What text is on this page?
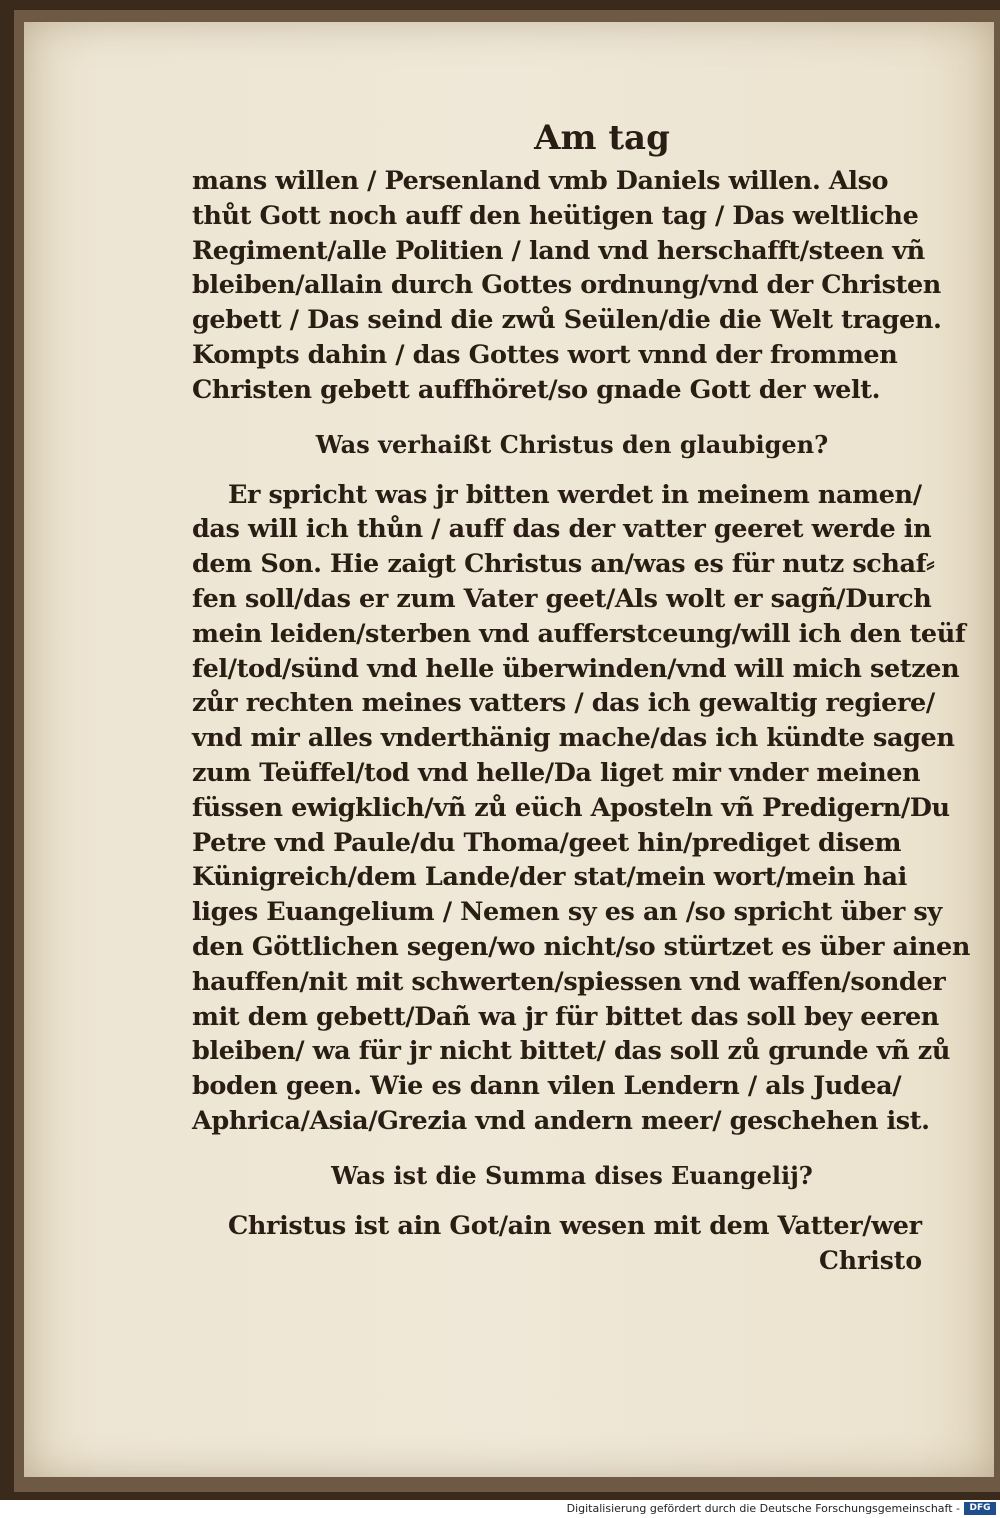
Am tag
mans willen / Persenland vmb Daniels willen. Also
thůt Gott noch auff den heütigen tag / Das weltliche
Regiment/alle Politien / land vnd herschafft/steen vñ
bleiben/allain durch Gottes ordnung/vnd der Christen
gebett / Das seind die zwů Seülen/die die Welt tragen.
Kompts dahin / das Gottes wort vnnd der frommen
Christen gebett auffhöret/so gnade Gott der welt.
Was verhaißt Christus den glaubigen?
Er spricht was jr bitten werdet in meinem namen/
das will ich thůn / auff das der vatter geeret werde in
dem Son. Hie zaigt Christus an/was es für nutz schaf⸗
fen soll/das er zum Vater geet/Als wolt er sagñ/Durch
mein leiden/sterben vnd aufferstceung/will ich den teüf
fel/tod/sünd vnd helle überwinden/vnd will mich setzen
zůr rechten meines vatters / das ich gewaltig regiere/
vnd mir alles vnderthänig mache/das ich kündte sagen
zum Teüffel/tod vnd helle/Da liget mir vnder meinen
füssen ewigklich/vñ zů eüch Aposteln vñ Predigern/Du
Petre vnd Paule/du Thoma/geet hin/prediget disem
Künigreich/dem Lande/der stat/mein wort/mein hai
liges Euangelium / Nemen sy es an /so spricht über sy
den Göttlichen segen/wo nicht/so stürtzet es über ainen
hauffen/nit mit schwerten/spiessen vnd waffen/sonder
mit dem gebett/Dañ wa jr für bittet das soll bey eeren
bleiben/ wa für jr nicht bittet/ das soll zů grunde vñ zů
boden geen. Wie es dann vilen Lendern / als Judea/
Aphrica/Asia/Grezia vnd andern meer/ geschehen ist.
Was ist die Summa dises Euangelij?
Christus ist ain Got/ain wesen mit dem Vatter/wer
Christo
Digitalisierung gefördert durch die Deutsche Forschungsgemeinschaft -	DFG
